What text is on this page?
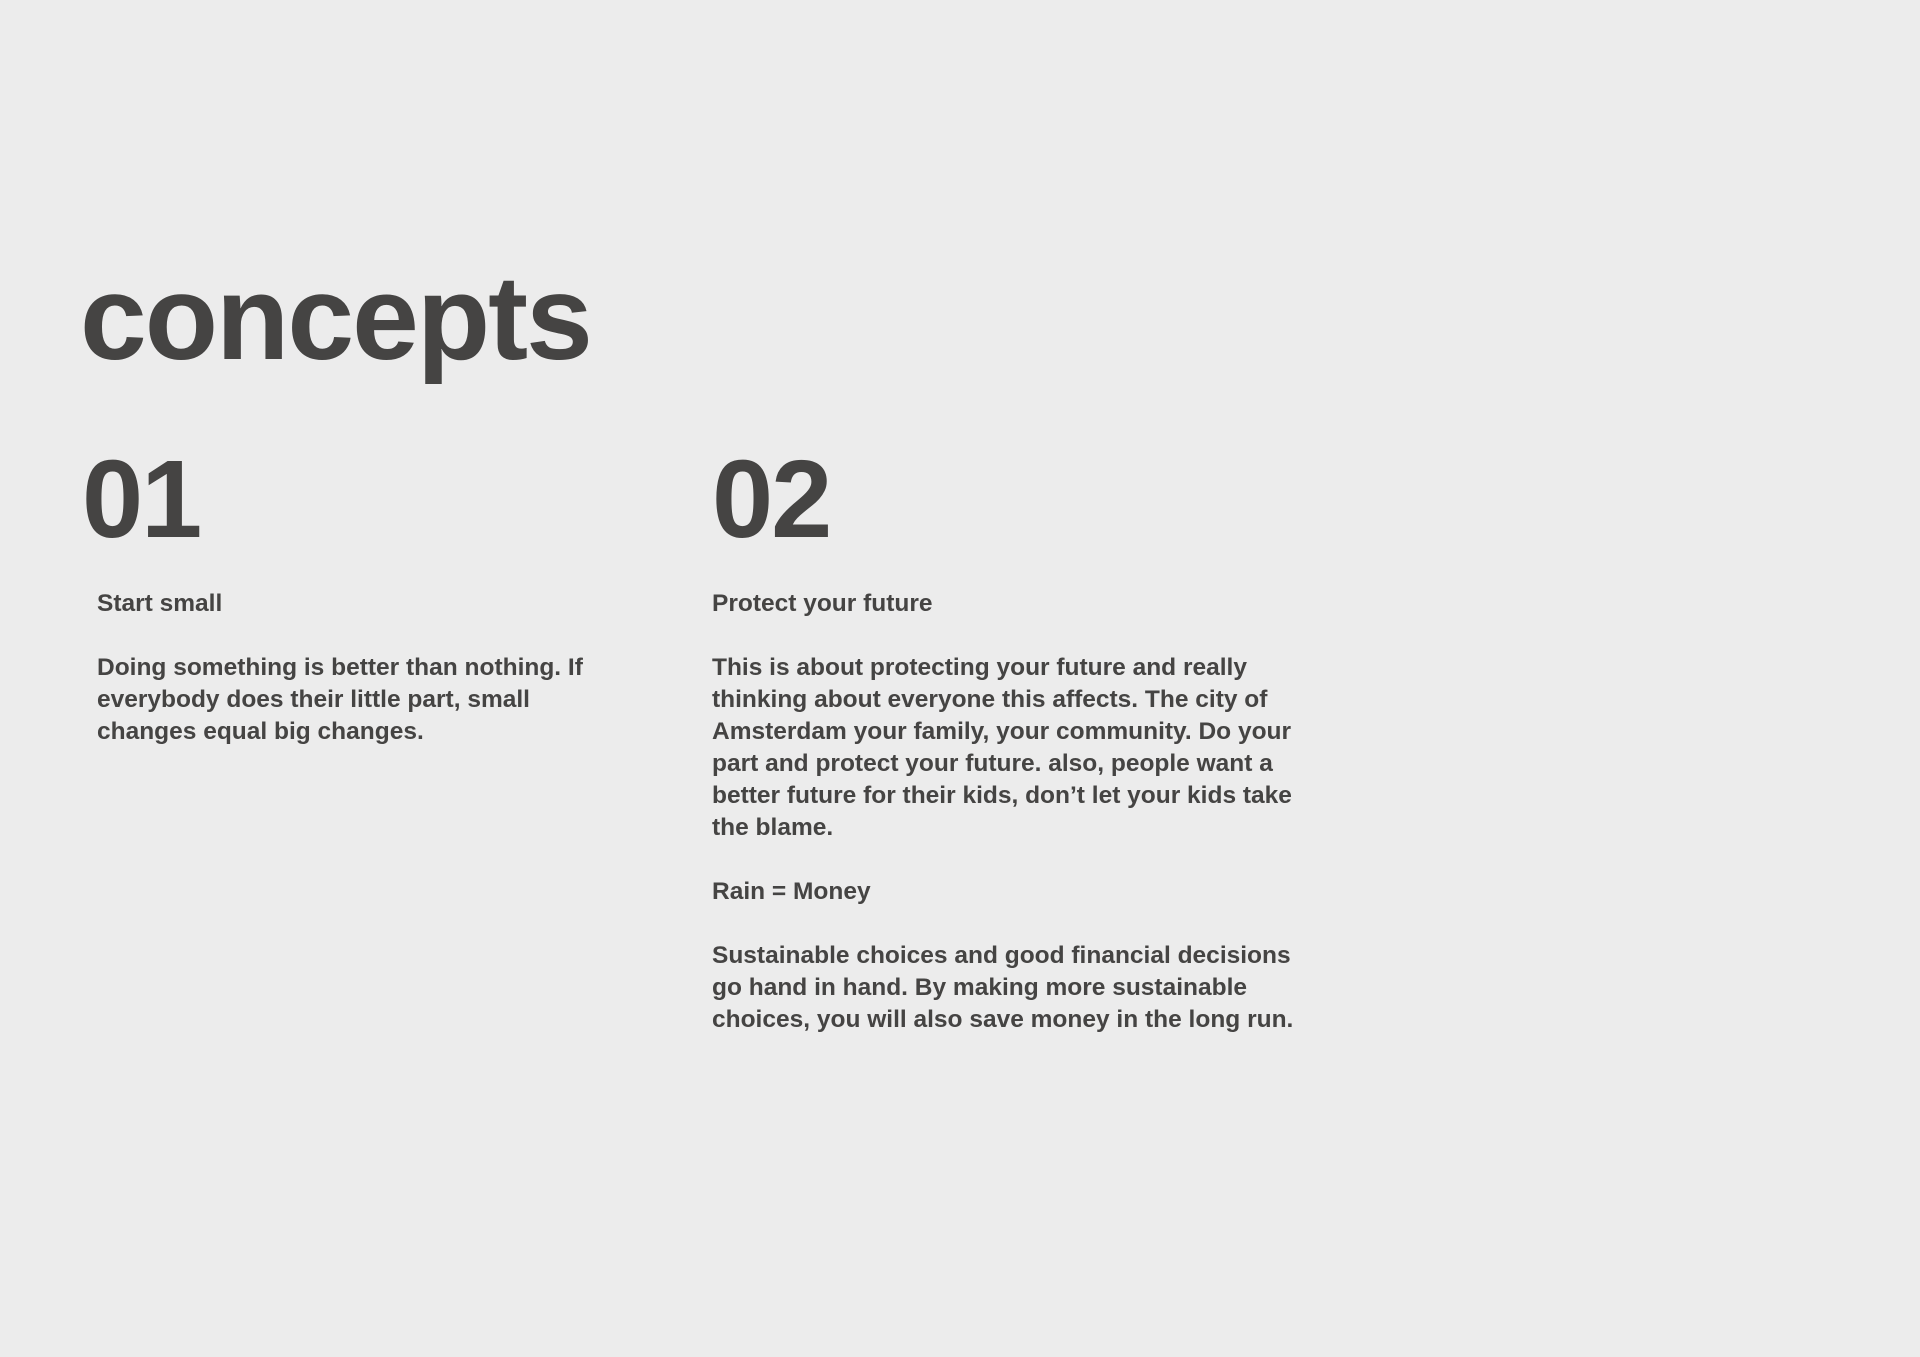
concepts
01

Start small

Doing something is better than nothing. If everybody does their little part, small changes equal big changes.

02

Protect your future

This is about protecting your future and really thinking about everyone this affects. The city of Amsterdam your family, your community. Do your part and protect your future. also, people want a better future for their kids, don’t let your kids take the blame.

Rain = Money

Sustainable choices and good financial decisions go hand in hand. By making more sustainable choices, you will also save money in the long run.
